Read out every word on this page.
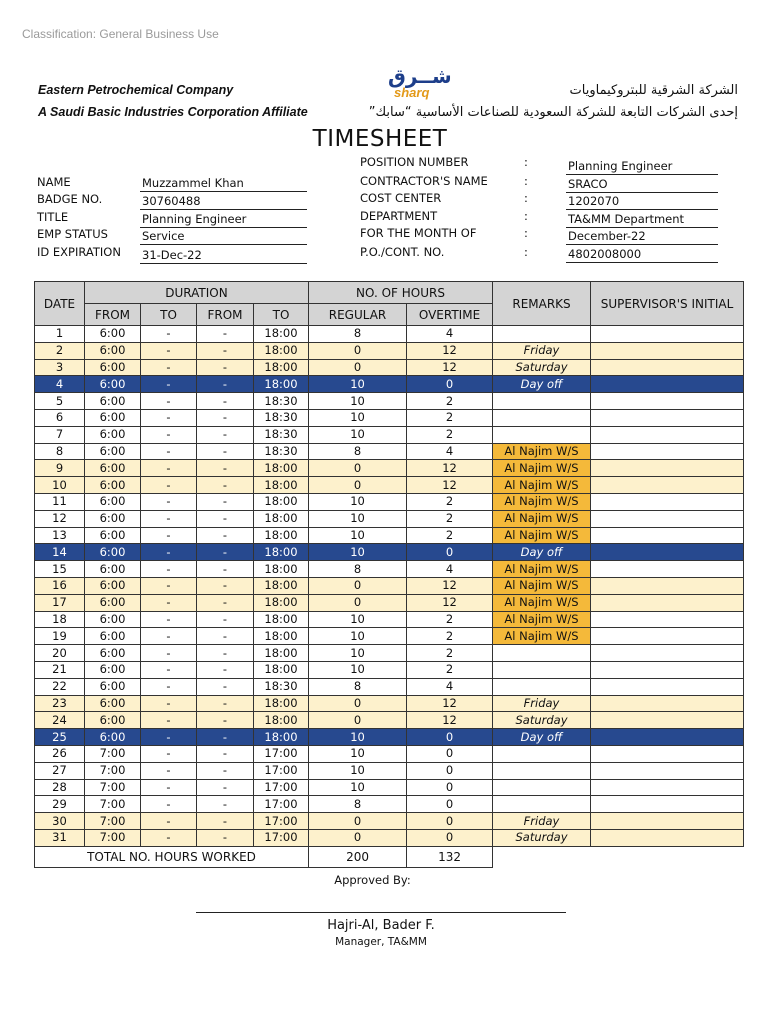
Classification: General Business Use
Eastern Petrochemical Company
A Saudi Basic Industries Corporation Affiliate
شــرق
sharq	الشركة الشرقية للبتروكيماويات
إحدى الشركات التابعة للشركة السعودية للصناعات الأساسية “سابك”
TIMESHEET
NAME	Muzzammel Khan
BADGE NO.	30760488
TITLE	Planning Engineer
EMP STATUS	Service
ID EXPIRATION 31-Dec-22
POSITION NUMBER	:	Planning Engineer
CONTRACTOR'S NAME	:	SRACO
COST CENTER	:	1202070
DEPARTMENT	:	TA&MM Department
FOR THE MONTH OF	:	December-22
P.O./CONT. NO.	:	4802008000
DATE	DURATION				NO. OF HOURS		REMARKS	SUPERVISOR'S INITIAL
	FROM	TO	FROM	TO	REGULAR	OVERTIME		
1	6:00	-	-	18:00	8	4		
2	6:00	-	-	18:00	0	12	Friday	
3	6:00	-	-	18:00	0	12	Saturday	
4	6:00	-	-	18:00	10	0	Day off	
5	6:00	-	-	18:30	10	2		
6	6:00	-	-	18:30	10	2		
7	6:00	-	-	18:30	10	2		
8	6:00	-	-	18:30	8	4	Al Najim W/S	
9	6:00	-	-	18:00	0	12	Al Najim W/S	
10	6:00	-	-	18:00	0	12	Al Najim W/S	
11	6:00	-	-	18:00	10	2	Al Najim W/S	
12	6:00	-	-	18:00	10	2	Al Najim W/S	
13	6:00	-	-	18:00	10	2	Al Najim W/S	
14	6:00	-	-	18:00	10	0	Day off	
15	6:00	-	-	18:00	8	4	Al Najim W/S	
16	6:00	-	-	18:00	0	12	Al Najim W/S	
17	6:00	-	-	18:00	0	12	Al Najim W/S	
18	6:00	-	-	18:00	10	2	Al Najim W/S	
19	6:00	-	-	18:00	10	2	Al Najim W/S	
20	6:00	-	-	18:00	10	2		
21	6:00	-	-	18:00	10	2		
22	6:00	-	-	18:30	8	4		
23	6:00	-	-	18:00	0	12	Friday	
24	6:00	-	-	18:00	0	12	Saturday	
25	6:00	-	-	18:00	10	0	Day off	
26	7:00	-	-	17:00	10	0		
27	7:00	-	-	17:00	10	0		
28	7:00	-	-	17:00	10	0		
29	7:00	-	-	17:00	8	0		
30	7:00	-	-	17:00	0	0	Friday	
31	7:00	-	-	17:00	0	0	Saturday	
TOTAL NO. HOURS WORKED					200	132		
Approved By:
Hajri-Al, Bader F.
Manager, TA&MM
